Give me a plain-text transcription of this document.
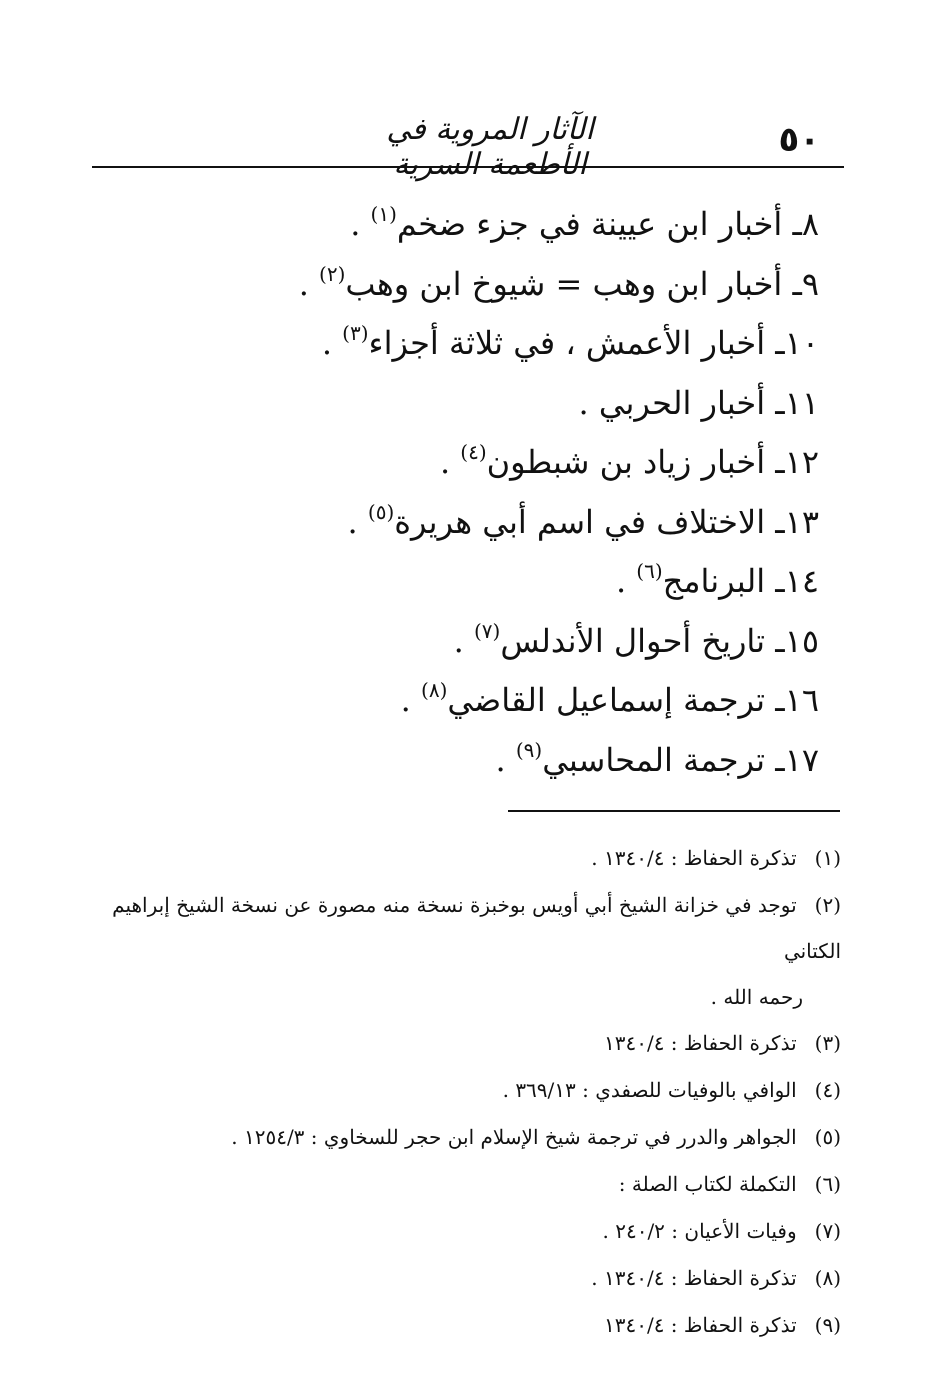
الآثار المروية في الأطعمة السرية
٥٠
٨ـ أخبار ابن عيينة في جزء ضخم$^{(١)}$ .
٩ـ أخبار ابن وهب = شيوخ ابن وهب$^{(٢)}$ .
١٠ـ أخبار الأعمش ، في ثلاثة أجزاء$^{(٣)}$ .
١١ـ أخبار الحربي .
١٢ـ أخبار زياد بن شبطون$^{(٤)}$ .
١٣ـ الاختلاف في اسم أبي هريرة$^{(٥)}$ .
١٤ـ البرنامج$^{(٦)}$ .
١٥ـ تاريخ أحوال الأندلس$^{(٧)}$ .
١٦ـ ترجمة إسماعيل القاضي$^{(٨)}$ .
١٧ـ ترجمة المحاسبي$^{(٩)}$ .
(١) تذكرة الحفاظ : ١٣٤٠/٤ .
(٢) توجد في خزانة الشيخ أبي أويس بوخبزة نسخة منه مصورة عن نسخة الشيخ إبراهيم الكتاني
رحمه الله .
(٣) تذكرة الحفاظ : ١٣٤٠/٤
(٤) الوافي بالوفيات للصفدي : ٣٦٩/١٣ .
(٥) الجواهر والدرر في ترجمة شيخ الإسلام ابن حجر للسخاوي : ١٢٥٤/٣ .
(٦) التكملة لكتاب الصلة :
(٧) وفيات الأعيان : ٢٤٠/٢ .
(٨) تذكرة الحفاظ : ١٣٤٠/٤ .
(٩) تذكرة الحفاظ : ١٣٤٠/٤
